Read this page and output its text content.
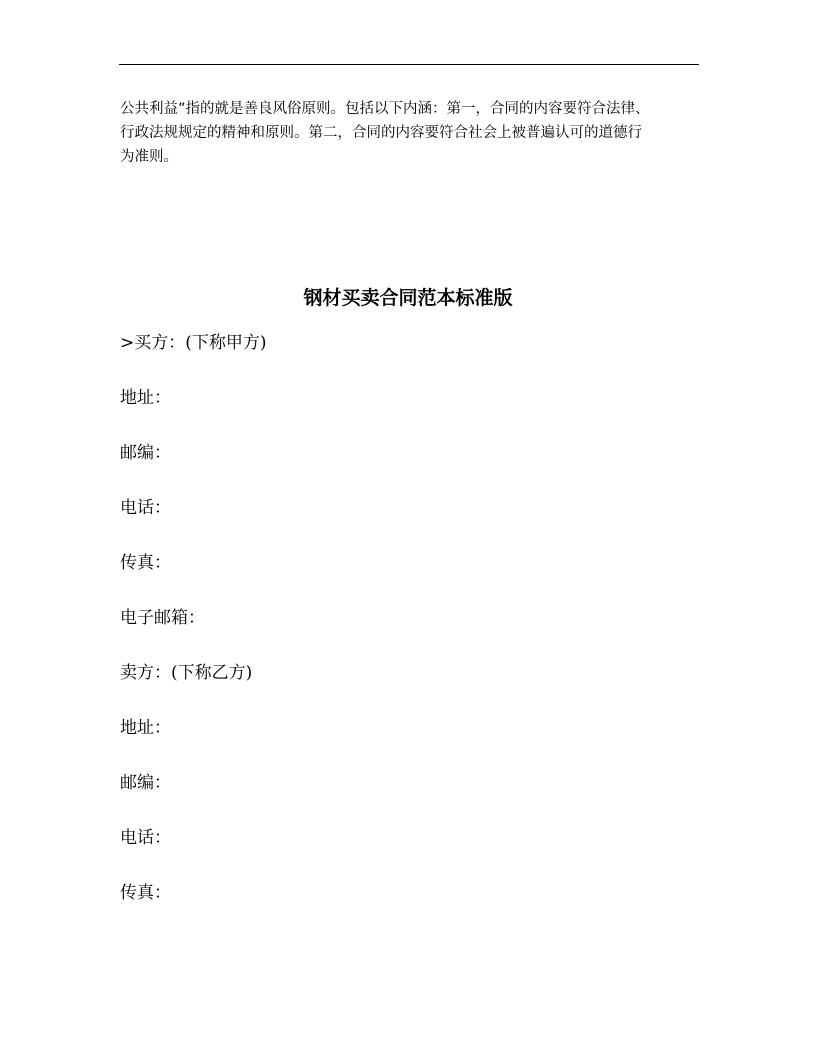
公共利益”指的就是善良风俗原则。包括以下内涵：第一，合同的内容要符合法律、
行政法规规定的精神和原则。第二，合同的内容要符合社会上被普遍认可的道德行
为准则。

钢材买卖合同范本标准版
>买方：(下称甲方)
地址：
邮编：
电话：
传真：
电子邮箱：
卖方：(下称乙方)
地址：
邮编：
电话：
传真：
